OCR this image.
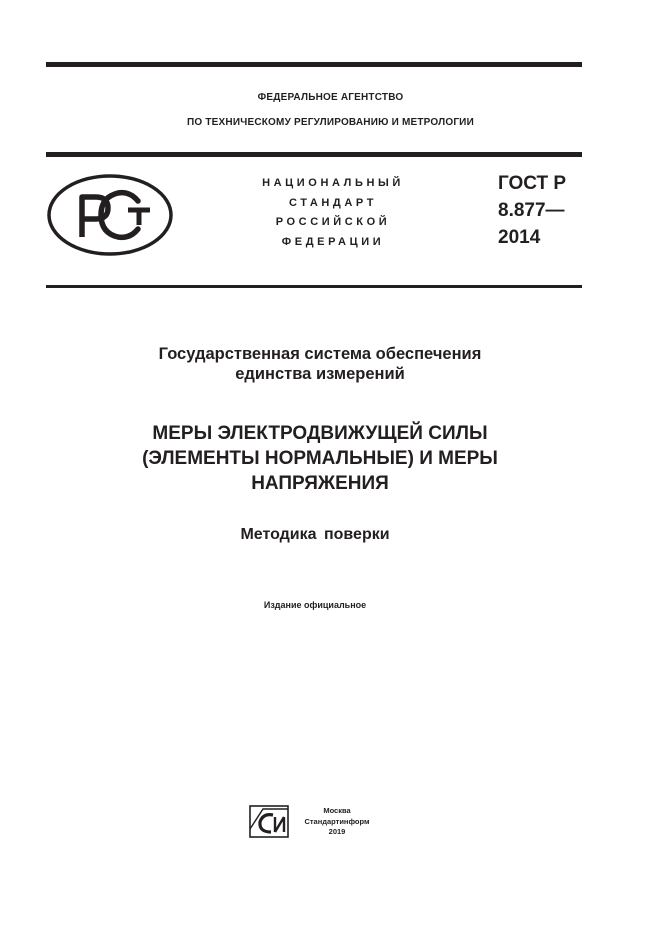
ФЕДЕРАЛЬНОЕ АГЕНТСТВО
ПО ТЕХНИЧЕСКОМУ РЕГУЛИРОВАНИЮ И МЕТРОЛОГИИ
НАЦИОНАЛЬНЫЙ
СТАНДАРТ
РОССИЙСКОЙ
ФЕДЕРАЦИИ
ГОСТ Р
8.877—
2014
Государственная система обеспечения
единства измерений
МЕРЫ ЭЛЕКТРОДВИЖУЩЕЙ СИЛЫ
(ЭЛЕМЕНТЫ НОРМАЛЬНЫЕ) И МЕРЫ
НАПРЯЖЕНИЯ
Методика поверки
Издание официальное
Москва
Стандартинформ
2019
